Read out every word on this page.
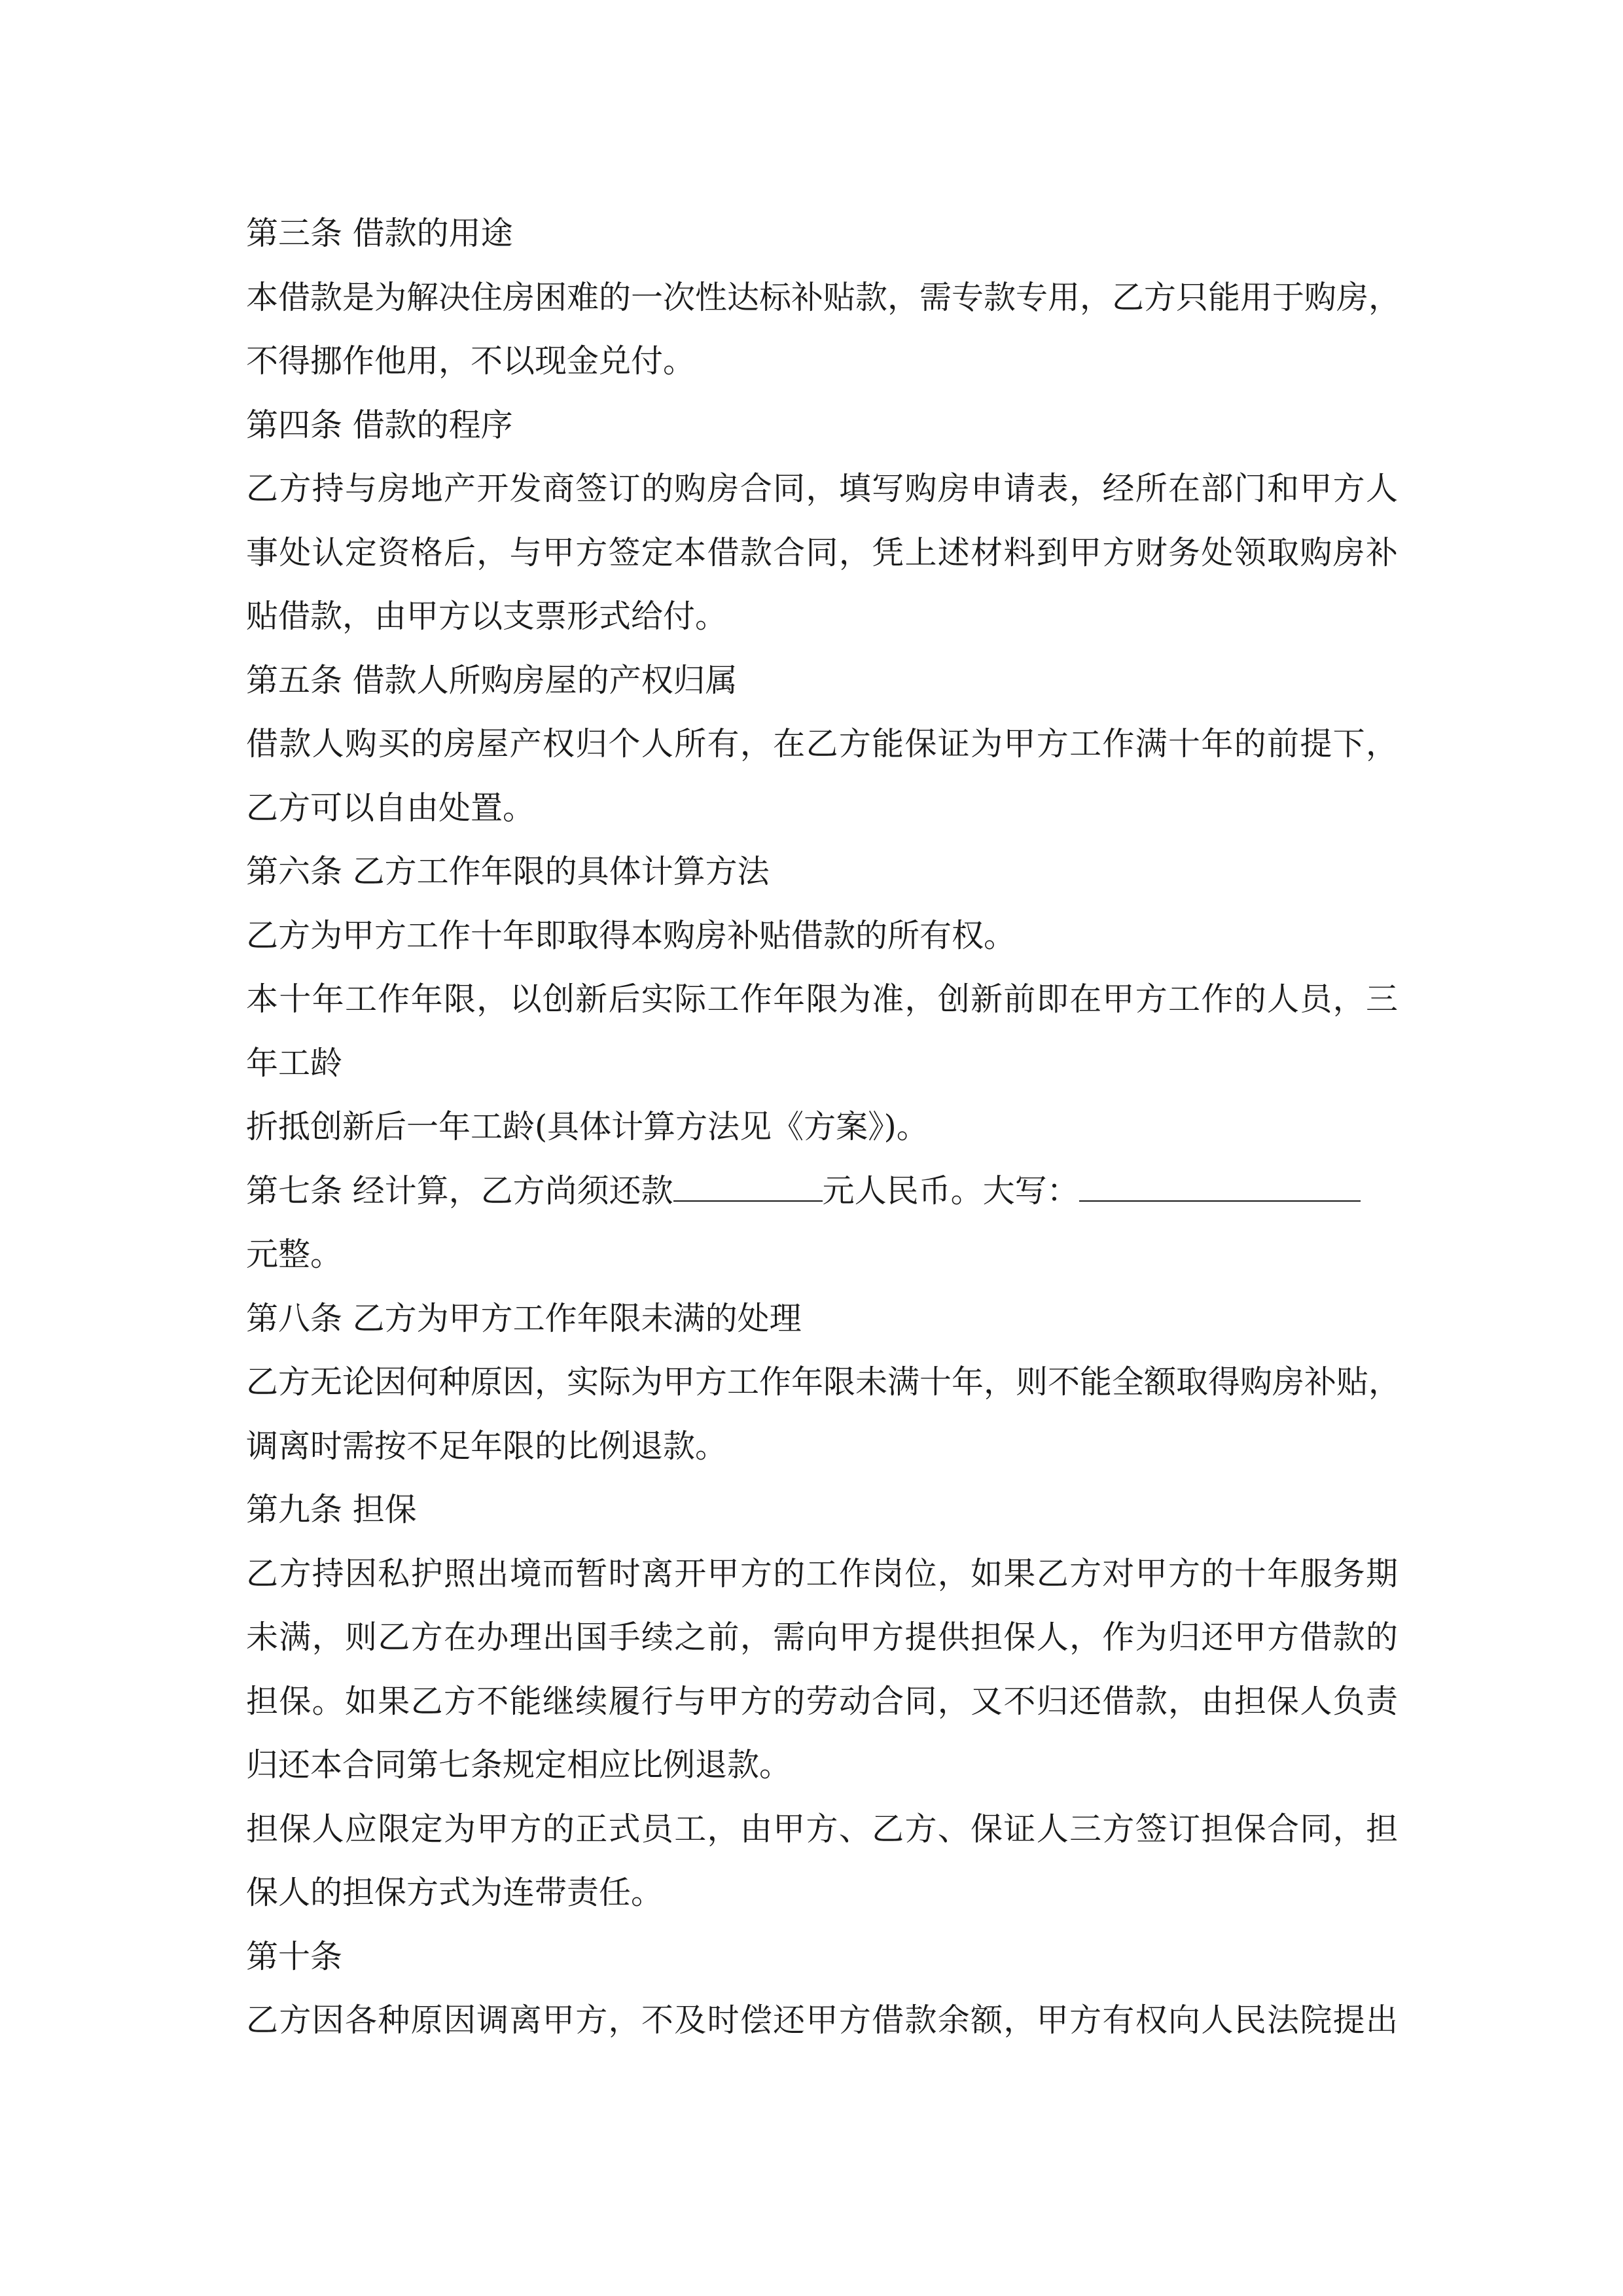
第三条 借款的用途
本借款是为解决住房困难的一次性达标补贴款，需专款专用，乙方只能用于购房，
不得挪作他用，不以现金兑付。
第四条 借款的程序
乙方持与房地产开发商签订的购房合同，填写购房申请表，经所在部门和甲方人
事处认定资格后，与甲方签定本借款合同，凭上述材料到甲方财务处领取购房补
贴借款，由甲方以支票形式给付。
第五条 借款人所购房屋的产权归属
借款人购买的房屋产权归个人所有，在乙方能保证为甲方工作满十年的前提下，
乙方可以自由处置。
第六条 乙方工作年限的具体计算方法
乙方为甲方工作十年即取得本购房补贴借款的所有权。
本十年工作年限，以创新后实际工作年限为准，创新前即在甲方工作的人员，三
年工龄
折抵创新后一年工龄(具体计算方法见《方案》)。
第七条 经计算，乙方尚须还款	元人民币。大写：
元整。
第八条 乙方为甲方工作年限未满的处理
乙方无论因何种原因，实际为甲方工作年限未满十年，则不能全额取得购房补贴，
调离时需按不足年限的比例退款。
第九条 担保
乙方持因私护照出境而暂时离开甲方的工作岗位，如果乙方对甲方的十年服务期
未满，则乙方在办理出国手续之前，需向甲方提供担保人，作为归还甲方借款的
担保。如果乙方不能继续履行与甲方的劳动合同，又不归还借款，由担保人负责
归还本合同第七条规定相应比例退款。
担保人应限定为甲方的正式员工，由甲方、乙方、保证人三方签订担保合同，担
保人的担保方式为连带责任。
第十条
乙方因各种原因调离甲方，不及时偿还甲方借款余额，甲方有权向人民法院提出
